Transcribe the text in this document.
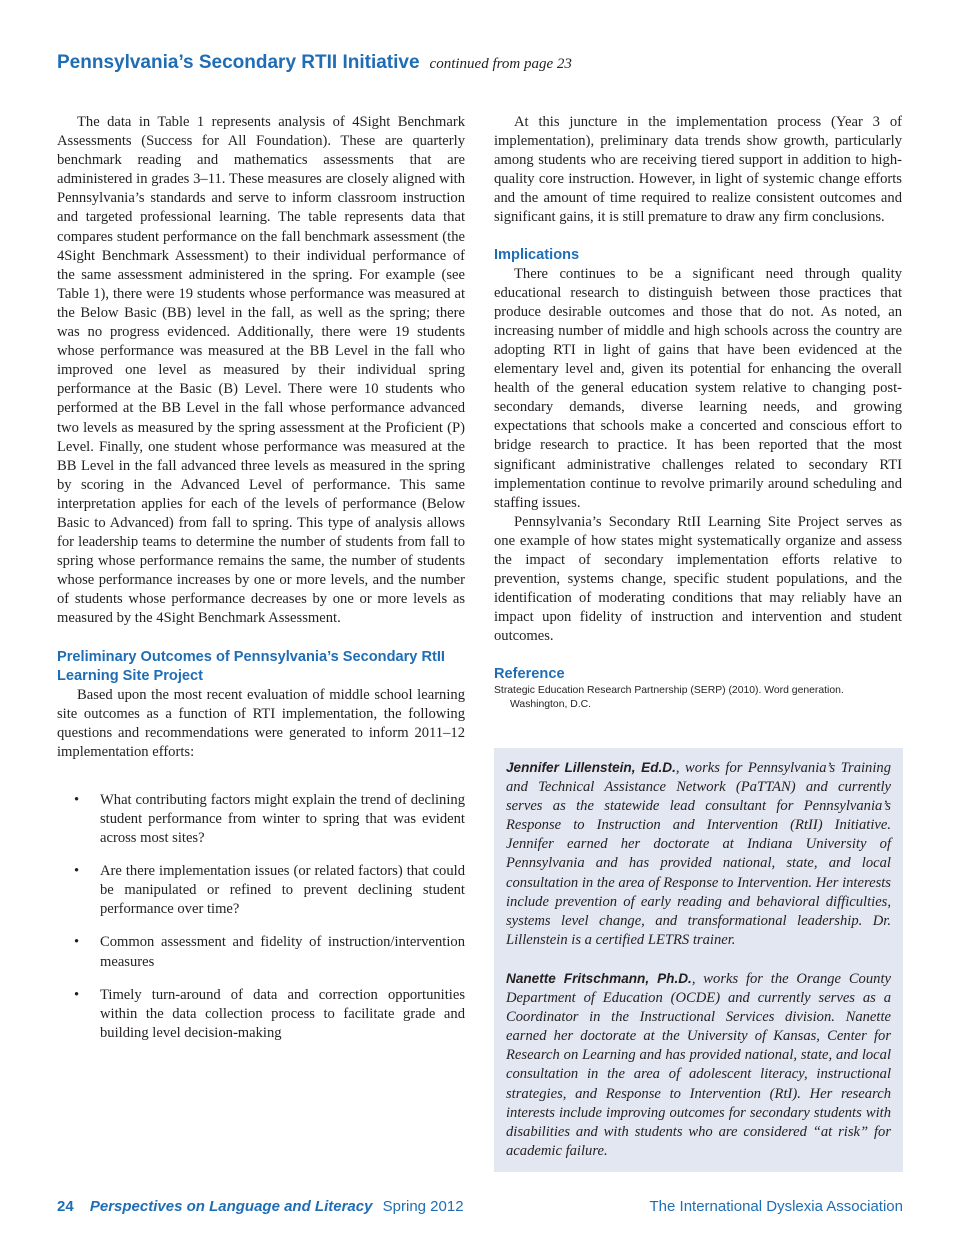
Pennsylvania’s Secondary RTII Initiative continued from page 23

The data in Table 1 represents analysis of 4Sight Benchmark Assessments (Success for All Foundation). These are quarterly benchmark reading and mathematics assessments that are administered in grades 3–11. These measures are closely aligned with Pennsylvania’s standards and serve to inform classroom instruction and targeted professional learning. The table represents data that compares student performance on the fall benchmark assessment (the 4Sight Benchmark Assessment) to their individual performance of the same assessment administered in the spring. For example (see Table 1), there were 19 students whose performance was measured at the Below Basic (BB) level in the fall, as well as the spring; there was no progress evidenced. Additionally, there were 19 students whose performance was measured at the BB Level in the fall who improved one level as measured by their individual spring performance at the Basic (B) Level. There were 10 students who performed at the BB Level in the fall whose performance advanced two levels as measured by the spring assessment at the Proficient (P) Level. Finally, one student whose performance was measured at the BB Level in the fall advanced three levels as measured in the spring by scoring in the Advanced Level of performance. This same interpretation applies for each of the levels of performance (Below Basic to Advanced) from fall to spring. This type of analysis allows for leadership teams to determine the number of students from fall to spring whose performance remains the same, the number of students whose performance increases by one or more levels, and the number of students whose performance decreases by one or more levels as measured by the 4Sight Benchmark Assessment.

Preliminary Outcomes of Pennsylvania’s Secondary RtII Learning Site Project

Based upon the most recent evaluation of middle school learning site outcomes as a function of RTI implementation, the following questions and recommendations were generated to inform 2011–12 implementation efforts:

• What contributing factors might explain the trend of declining student performance from winter to spring that was evident across most sites?
• Are there implementation issues (or related factors) that could be manipulated or refined to prevent declining student performance over time?
• Common assessment and fidelity of instruction/intervention measures
• Timely turn-around of data and correction opportunities within the data collection process to facilitate grade and building level decision-making

At this juncture in the implementation process (Year 3 of implementation), preliminary data trends show growth, particularly among students who are receiving tiered support in addition to high-quality core instruction. However, in light of systemic change efforts and the amount of time required to realize consistent outcomes and significant gains, it is still premature to draw any firm conclusions.

Implications

There continues to be a significant need through quality educational research to distinguish between those practices that produce desirable outcomes and those that do not. As noted, an increasing number of middle and high schools across the country are adopting RTI in light of gains that have been evidenced at the elementary level and, given its potential for enhancing the overall health of the general education system relative to changing post-secondary demands, diverse learning needs, and growing expectations that schools make a concerted and conscious effort to bridge research to practice. It has been reported that the most significant administrative challenges related to secondary RTI implementation continue to revolve primarily around scheduling and staffing issues.

Pennsylvania’s Secondary RtII Learning Site Project serves as one example of how states might systematically organize and assess the impact of secondary implementation efforts relative to prevention, systems change, specific student populations, and the identification of moderating conditions that may reliably have an impact upon fidelity of instruction and intervention and student outcomes.

Reference
Strategic Education Research Partnership (SERP) (2010). Word generation. Washington, D.C.

Jennifer Lillenstein, Ed.D., works for Pennsylvania’s Training and Technical Assistance Network (PaTTAN) and currently serves as the statewide lead consultant for Pennsylvania’s Response to Instruction and Intervention (RtII) Initiative. Jennifer earned her doctorate at Indiana University of Pennsylvania and has provided national, state, and local consultation in the area of Response to Intervention. Her interests include prevention of early reading and behavioral difficulties, systems level change, and transformational leadership. Dr. Lillenstein is a certified LETRS trainer.

Nanette Fritschmann, Ph.D., works for the Orange County Department of Education (OCDE) and currently serves as a Coordinator in the Instructional Services division. Nanette earned her doctorate at the University of Kansas, Center for Research on Learning and has provided national, state, and local consultation in the area of adolescent literacy, instructional strategies, and Response to Intervention (RtI). Her research interests include improving outcomes for secondary students with disabilities and with students who are considered “at risk” for academic failure.

24 Perspectives on Language and Literacy Spring 2012	The International Dyslexia Association
